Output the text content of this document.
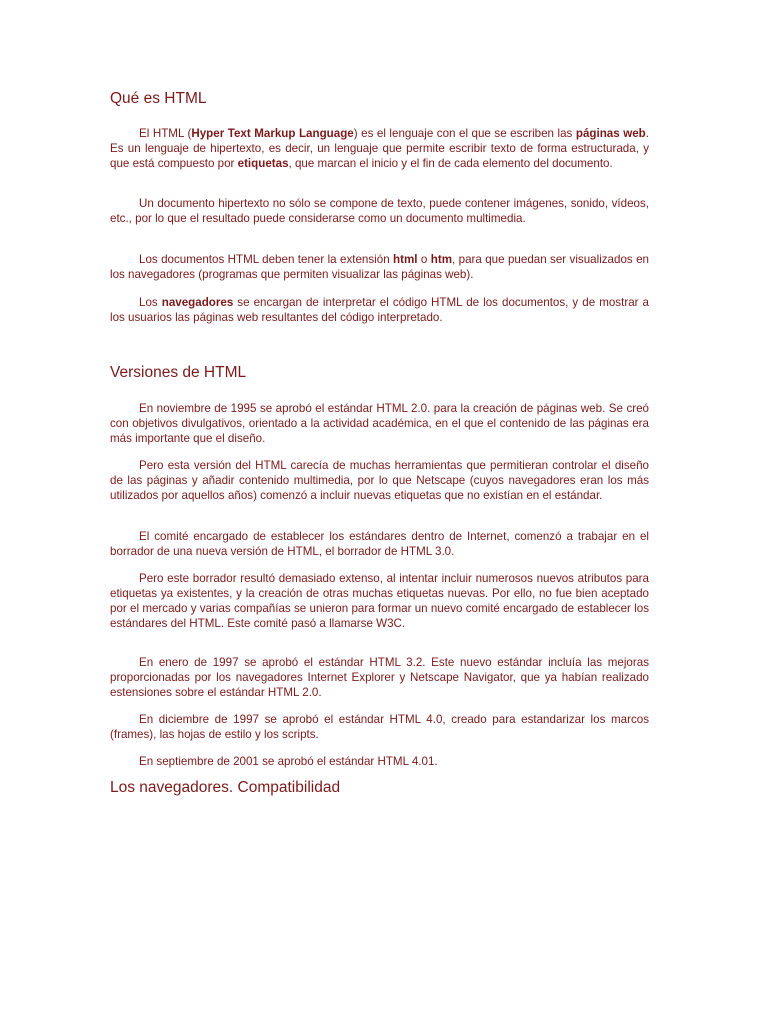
Qué es HTML

El HTML (Hyper Text Markup Language) es el lenguaje con el que se escriben las páginas web. Es un lenguaje de hipertexto, es decir, un lenguaje que permite escribir texto de forma estructurada, y que está compuesto por etiquetas, que marcan el inicio y el fin de cada elemento del documento.

Un documento hipertexto no sólo se compone de texto, puede contener imágenes, sonido, vídeos, etc., por lo que el resultado puede considerarse como un documento multimedia.

Los documentos HTML deben tener la extensión html o htm, para que puedan ser visualizados en los navegadores (programas que permiten visualizar las páginas web).

Los navegadores se encargan de interpretar el código HTML de los documentos, y de mostrar a los usuarios las páginas web resultantes del código interpretado.

Versiones de HTML

En noviembre de 1995 se aprobó el estándar HTML 2.0. para la creación de páginas web. Se creó con objetivos divulgativos, orientado a la actividad académica, en el que el contenido de las páginas era más importante que el diseño.

Pero esta versión del HTML carecía de muchas herramientas que permitieran controlar el diseño de las páginas y añadir contenido multimedia, por lo que Netscape (cuyos navegadores eran los más utilizados por aquellos años) comenzó a incluir nuevas etiquetas que no existían en el estándar.

El comité encargado de establecer los estándares dentro de Internet, comenzó a trabajar en el borrador de una nueva versión de HTML, el borrador de HTML 3.0.

Pero este borrador resultó demasiado extenso, al intentar incluir numerosos nuevos atributos para etiquetas ya existentes, y la creación de otras muchas etiquetas nuevas. Por ello, no fue bien aceptado por el mercado y varias compañías se unieron para formar un nuevo comité encargado de establecer los estándares del HTML. Este comité pasó a llamarse W3C.

En enero de 1997 se aprobó el estándar HTML 3.2. Este nuevo estándar incluía las mejoras proporcionadas por los navegadores Internet Explorer y Netscape Navigator, que ya habían realizado estensiones sobre el estándar HTML 2.0.

En diciembre de 1997 se aprobó el estándar HTML 4.0, creado para estandarizar los marcos (frames), las hojas de estilo y los scripts.

En septiembre de 2001 se aprobó el estándar HTML 4.01.

Los navegadores. Compatibilidad
